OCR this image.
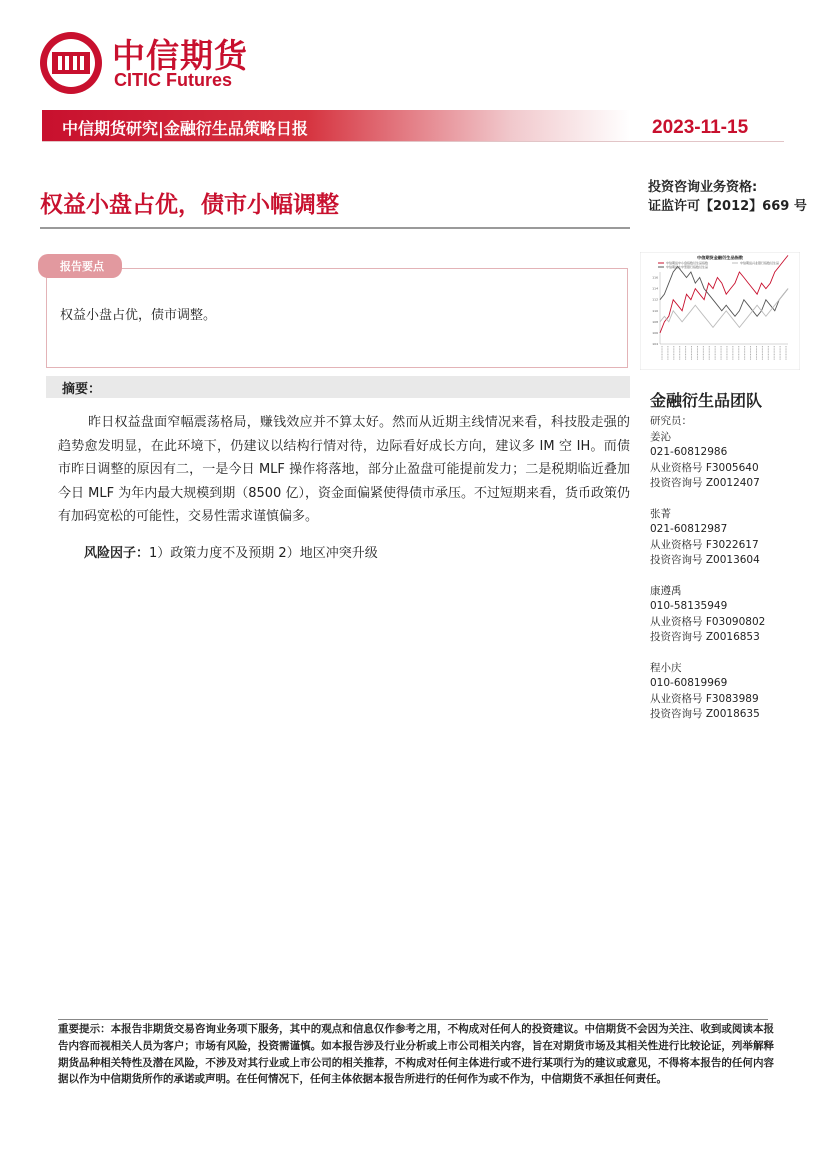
中信期货
CITIC Futures
中信期货研究|金融衍生品策略日报	2023-11-15
权益小盘占优，债市小幅调整
投资咨询业务资格:
证监许可【2012】669 号
报告要点
权益小盘占优，债市调整。
摘要：
昨日权益盘面窄幅震荡格局，赚钱效应并不算太好。然而从近期主线情况来看，科技股走强的趋势愈发明显，在此环境下，仍建议以结构行情对待，边际看好成长方向，建议多 IM 空 IH。而债市昨日调整的原因有二，一是今日 MLF 操作将落地，部分止盈盘可能提前发力；二是税期临近叠加今日 MLF 为年内最大规模到期（8500 亿），资金面偏紧使得债市承压。不过短期来看，货币政策仍有加码宽松的可能性，交易性需求谨慎偏多。
风险因子：1）政策力度不及预期 2）地区冲突升级
中信期货金融衍生品指数
中信期货中小盘指数衍生品指数
中信期货大中型银行指数衍生品
中信期货兴业银行指数衍生品
104
106
108
110
112
114
116
金融衍生品团队
研究员：
姜沁
021-60812986
从业资格号 F3005640
投资咨询号 Z0012407
张菁
021-60812987
从业资格号 F3022617
投资咨询号 Z0013604
康遵禹
010-58135949
从业资格号 F03090802
投资咨询号 Z0016853
程小庆
010-60819969
从业资格号 F3083989
投资咨询号 Z0018635
重要提示：本报告非期货交易咨询业务项下服务，其中的观点和信息仅作参考之用，不构成对任何人的投资建议。中信期货不会因为关注、收到或阅读本报告内容而视相关人员为客户；市场有风险，投资需谨慎。如本报告涉及行业分析或上市公司相关内容，旨在对期货市场及其相关性进行比较论证，列举解释期货品种相关特性及潜在风险，不涉及对其行业或上市公司的相关推荐，不构成对任何主体进行或不进行某项行为的建议或意见，不得将本报告的任何内容据以作为中信期货所作的承诺或声明。在任何情况下，任何主体依据本报告所进行的任何作为或不作为，中信期货不承担任何责任。
